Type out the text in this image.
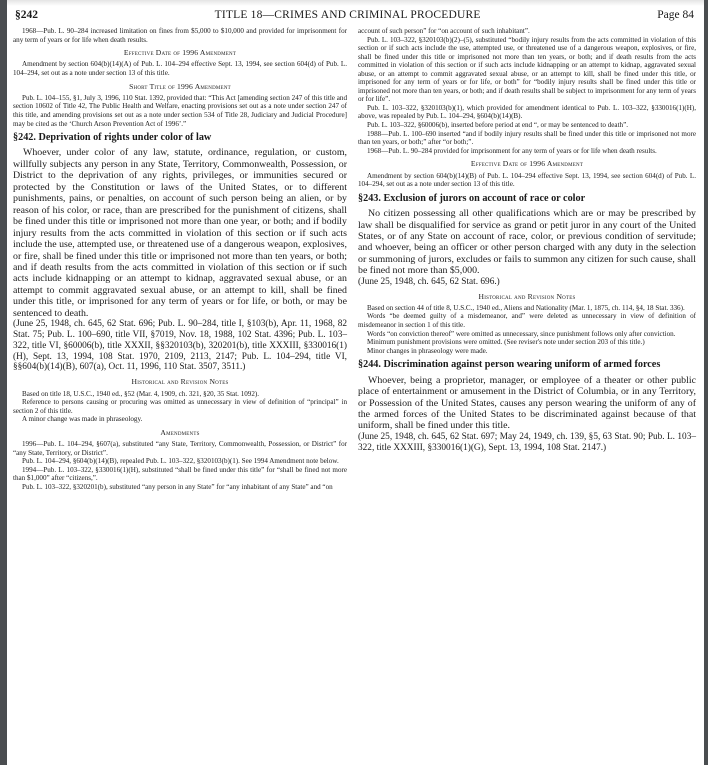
§242	TITLE 18—CRIMES AND CRIMINAL PROCEDURE	Page 84

1968—Pub. L. 90–284 increased limitation on fines from $5,000 to $10,000 and provided for imprisonment for any term of years or for life when death results.

Effective Date of 1996 Amendment

Amendment by section 604(b)(14)(A) of Pub. L. 104–294 effective Sept. 13, 1994, see section 604(d) of Pub. L. 104–294, set out as a note under section 13 of this title.

Short Title of 1996 Amendment

Pub. L. 104–155, §1, July 3, 1996, 110 Stat. 1392, provided that: “This Act [amending section 247 of this title and section 10602 of Title 42, The Public Health and Welfare, enacting provisions set out as a note under section 247 of this title, and amending provisions set out as a note under section 534 of Title 28, Judiciary and Judicial Procedure] may be cited as the ‘Church Arson Prevention Act of 1996’.”

§242. Deprivation of rights under color of law

Whoever, under color of any law, statute, ordinance, regulation, or custom, willfully subjects any person in any State, Territory, Commonwealth, Possession, or District to the deprivation of any rights, privileges, or immunities secured or protected by the Constitution or laws of the United States, or to different punishments, pains, or penalties, on account of such person being an alien, or by reason of his color, or race, than are prescribed for the punishment of citizens, shall be fined under this title or imprisoned not more than one year, or both; and if bodily injury results from the acts committed in violation of this section or if such acts include the use, attempted use, or threatened use of a dangerous weapon, explosives, or fire, shall be fined under this title or imprisoned not more than ten years, or both; and if death results from the acts committed in violation of this section or if such acts include kidnapping or an attempt to kidnap, aggravated sexual abuse, or an attempt to commit aggravated sexual abuse, or an attempt to kill, shall be fined under this title, or imprisoned for any term of years or for life, or both, or may be sentenced to death.

(June 25, 1948, ch. 645, 62 Stat. 696; Pub. L. 90–284, title I, §103(b), Apr. 11, 1968, 82 Stat. 75; Pub. L. 100–690, title VII, §7019, Nov. 18, 1988, 102 Stat. 4396; Pub. L. 103–322, title VI, §60006(b), title XXXII, §§320103(b), 320201(b), title XXXIII, §330016(1)(H), Sept. 13, 1994, 108 Stat. 1970, 2109, 2113, 2147; Pub. L. 104–294, title VI, §§604(b)(14)(B), 607(a), Oct. 11, 1996, 110 Stat. 3507, 3511.)

Historical and Revision Notes

Based on title 18, U.S.C., 1940 ed., §52 (Mar. 4, 1909, ch. 321, §20, 35 Stat. 1092).

Reference to persons causing or procuring was omitted as unnecessary in view of definition of “principal” in section 2 of this title.

A minor change was made in phraseology.

Amendments

1996—Pub. L. 104–294, §607(a), substituted “any State, Territory, Commonwealth, Possession, or District” for “any State, Territory, or District”.

Pub. L. 104–294, §604(b)(14)(B), repealed Pub. L. 103–322, §320103(b)(1). See 1994 Amendment note below.

1994—Pub. L. 103–322, §330016(1)(H), substituted “shall be fined under this title” for “shall be fined not more than $1,000” after “citizens,”.

Pub. L. 103–322, §320201(b), substituted “any person in any State” for “any inhabitant of any State” and “on

account of such person” for “on account of such inhabitant”.

Pub. L. 103–322, §320103(b)(2)–(5), substituted “bodily injury results from the acts committed in violation of this section or if such acts include the use, attempted use, or threatened use of a dangerous weapon, explosives, or fire, shall be fined under this title or imprisoned not more than ten years, or both; and if death results from the acts committed in violation of this section or if such acts include kidnapping or an attempt to kidnap, aggravated sexual abuse, or an attempt to commit aggravated sexual abuse, or an attempt to kill, shall be fined under this title, or imprisoned for any term of years or for life, or both” for “bodily injury results shall be fined under this title or imprisoned not more than ten years, or both; and if death results shall be subject to imprisonment for any term of years or for life”.

Pub. L. 103–322, §320103(b)(1), which provided for amendment identical to Pub. L. 103–322, §330016(1)(H), above, was repealed by Pub. L. 104–294, §604(b)(14)(B).

Pub. L. 103–322, §60006(b), inserted before period at end “, or may be sentenced to death”.

1988—Pub. L. 100–690 inserted “and if bodily injury results shall be fined under this title or imprisoned not more than ten years, or both;” after “or both;”.

1968—Pub. L. 90–284 provided for imprisonment for any term of years or for life when death results.

Effective Date of 1996 Amendment

Amendment by section 604(b)(14)(B) of Pub. L. 104–294 effective Sept. 13, 1994, see section 604(d) of Pub. L. 104–294, set out as a note under section 13 of this title.

§243. Exclusion of jurors on account of race or color

No citizen possessing all other qualifications which are or may be prescribed by law shall be disqualified for service as grand or petit juror in any court of the United States, or of any State on account of race, color, or previous condition of servitude; and whoever, being an officer or other person charged with any duty in the selection or summoning of jurors, excludes or fails to summon any citizen for such cause, shall be fined not more than $5,000.

(June 25, 1948, ch. 645, 62 Stat. 696.)

Historical and Revision Notes

Based on section 44 of title 8, U.S.C., 1940 ed., Aliens and Nationality (Mar. 1, 1875, ch. 114, §4, 18 Stat. 336).

Words “be deemed guilty of a misdemeanor, and” were deleted as unnecessary in view of definition of misdemeanor in section 1 of this title.

Words “on conviction thereof” were omitted as unnecessary, since punishment follows only after conviction.

Minimum punishment provisions were omitted. (See reviser's note under section 203 of this title.)

Minor changes in phraseology were made.

§244. Discrimination against person wearing uniform of armed forces

Whoever, being a proprietor, manager, or employee of a theater or other public place of entertainment or amusement in the District of Columbia, or in any Territory, or Possession of the United States, causes any person wearing the uniform of any of the armed forces of the United States to be discriminated against because of that uniform, shall be fined under this title.

(June 25, 1948, ch. 645, 62 Stat. 697; May 24, 1949, ch. 139, §5, 63 Stat. 90; Pub. L. 103–322, title XXXIII, §330016(1)(G), Sept. 13, 1994, 108 Stat. 2147.)
